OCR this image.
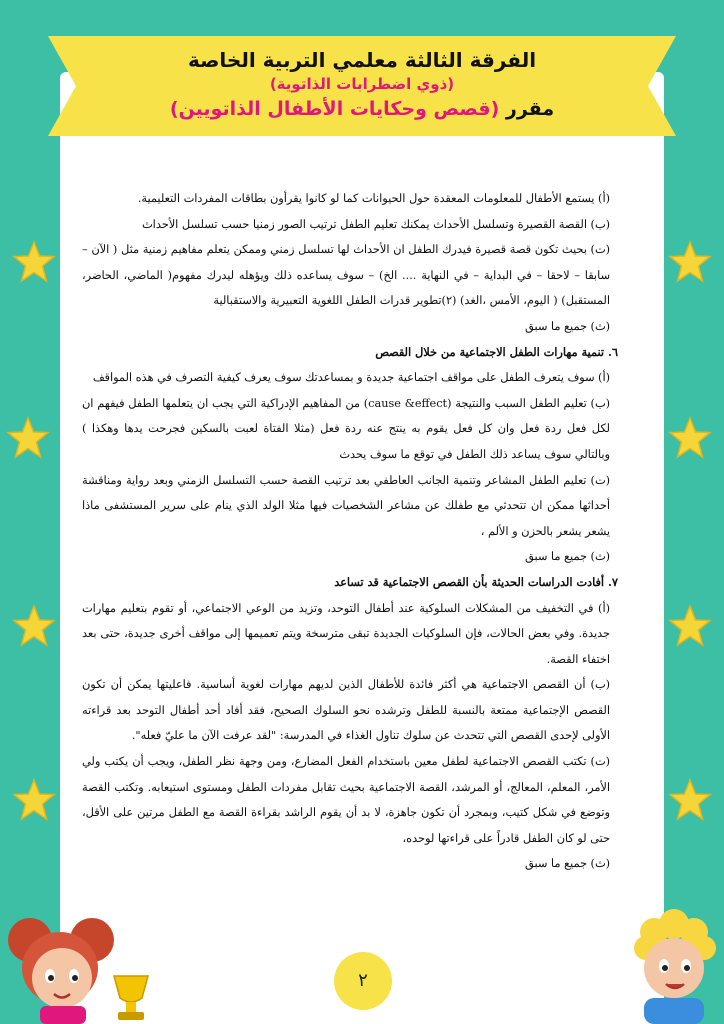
الفرقة الثالثة معلمي التربية الخاصة
(ذوي اضطرابات الذاتوية)
مقرر (قصص وحكايات الأطفال الذاتويين)

(أ) يستمع الأطفال للمعلومات المعقدة حول الحيوانات كما لو كانوا يقرأون بطاقات المفردات التعليمية.

(ب) القصة القصيرة وتسلسل الأحداث يمكنك تعليم الطفل ترتيب الصور زمنيا حسب تسلسل الأحداث

(ت) بحيث تكون قصة قصيرة فيدرك الطفل ان الأحداث لها تسلسل زمني وممكن يتعلم مفاهيم زمنية مثل ( الآن – سابقا – لاحقا – في البداية – في النهاية .... الخ) – سوف يساعده ذلك ويؤهله ليدرك مفهوم( الماضي، الحاضر، المستقبل) ( اليوم، الأمس ،الغد) (٢)تطوير قدرات الطفل اللغوية التعبيرية والاستقبالية

(ث) جميع ما سبق

٦. تنمية مهارات الطفل الاجتماعية من خلال القصص

(أ) سوف يتعرف الطفل على مواقف اجتماعية جديدة و بمساعدتك سوف يعرف كيفية التصرف في هذه المواقف

(ب) تعليم الطفل السبب والنتيجة (cause &effect) من المفاهيم الإدراكية التي يجب ان يتعلمها الطفل فيفهم ان لكل فعل ردة فعل وان كل فعل يقوم به ينتج عنه ردة فعل (مثلا الفتاة لعبت بالسكين فجرحت يدها وهكذا ) وبالتالي سوف يساعد ذلك الطفل في توقع ما سوف يحدث

(ت) تعليم الطفل المشاعر وتنمية الجانب العاطفي بعد ترتيب القصة حسب التسلسل الزمني وبعد رواية ومناقشة أحداثها ممكن ان تتحدثي مع طفلك عن مشاعر الشخصيات فيها مثلا الولد الذي ينام على سرير المستشفى ماذا يشعر يشعر بالحزن و الألم ،

(ث) جميع ما سبق

٧. أفادت الدراسات الحديثة بأن القصص الاجتماعية قد تساعد

(أ) في التخفيف من المشكلات السلوكية عند أطفال التوحد، وتزيد من الوعي الاجتماعي، أو تقوم بتعليم مهارات جديدة. وفي بعض الحالات، فإن السلوكيات الجديدة تبقى مترسخة ويتم تعميمها إلى مواقف أخرى جديدة، حتى بعد اختفاء القصة.

(ب) أن القصص الاجتماعية هي أكثر فائدة للأطفال الذين لديهم مهارات لغوية أساسية. فاعليتها يمكن أن تكون القصص الإجتماعية ممتعة بالنسبة للطفل وترشده نحو السلوك الصحيح، فقد أفاد أحد أطفال التوحد بعد قراءته الأولى لإحدى القصص التي تتحدث عن سلوك تناول الغذاء في المدرسة: "لقد عرفت الآن ما عليّ فعله".

(ت) تكتب القصص الاجتماعية لطفل معين باستخدام الفعل المضارع، ومن وجهة نظر الطفل، ويجب أن يكتب ولي الأمر، المعلم، المعالج، أو المرشد، القصة الاجتماعية بحيث تقابل مفردات الطفل ومستوى استيعابه. وتكتب القصة وتوضع في شكل كتيب، وبمجرد أن تكون جاهزة، لا بد أن يقوم الراشد بقراءة القصة مع الطفل مرتين على الأقل، حتى لو كان الطفل قادراً على قراءتها لوحده،

(ث) جميع ما سبق

٢
